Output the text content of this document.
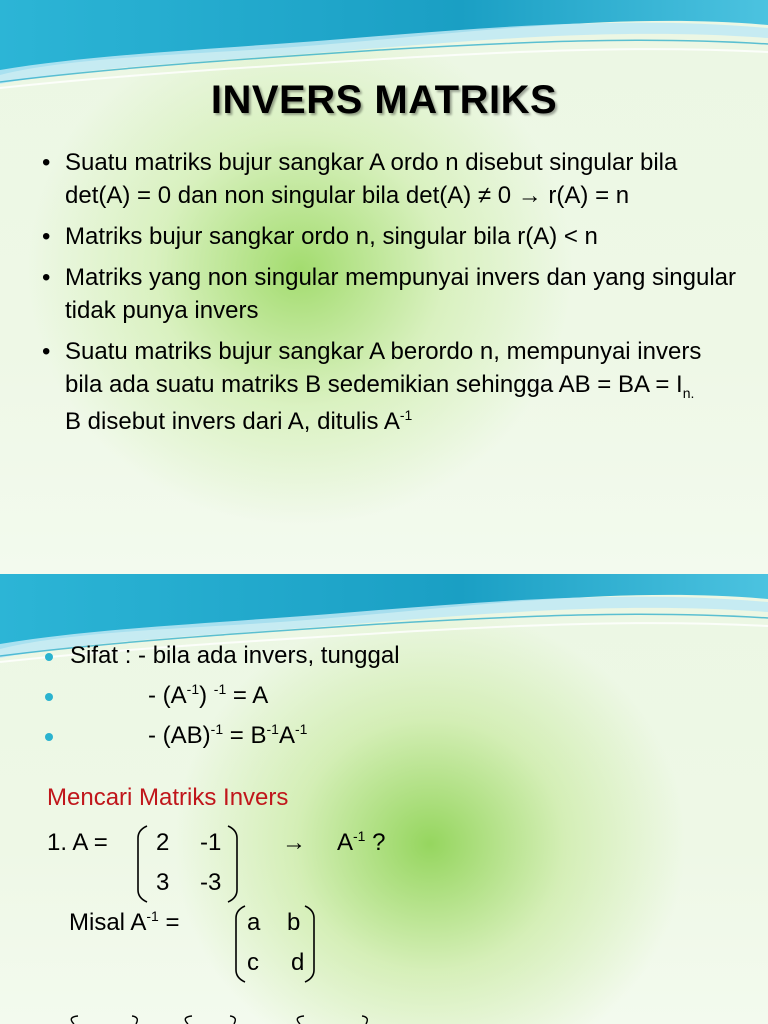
INVERS MATRIKS
• Suatu matriks bujur sangkar A ordo n disebut singular bila det(A) = 0 dan non singular bila det(A) ≠ 0 → r(A) = n
• Matriks bujur sangkar ordo n, singular bila r(A) < n
• Matriks yang non singular mempunyai invers dan yang singular tidak punya invers
• Suatu matriks bujur sangkar A berordo n, mempunyai invers bila ada suatu matriks B sedemikian sehingga AB = BA = $I_{n.}$
B disebut invers dari A, ditulis $A^{-1}$
Sifat : - bila ada invers, tunggal
- $(A^{-1}) ^{-1} = A$
- $(AB)^{-1} = B^{-1}A^{-1}$
Mencari Matriks Invers
1. A = 2 -1
3 -3
→ $A^{-1}$ ?
Misal $A^{-1}$ =	a b
c d
